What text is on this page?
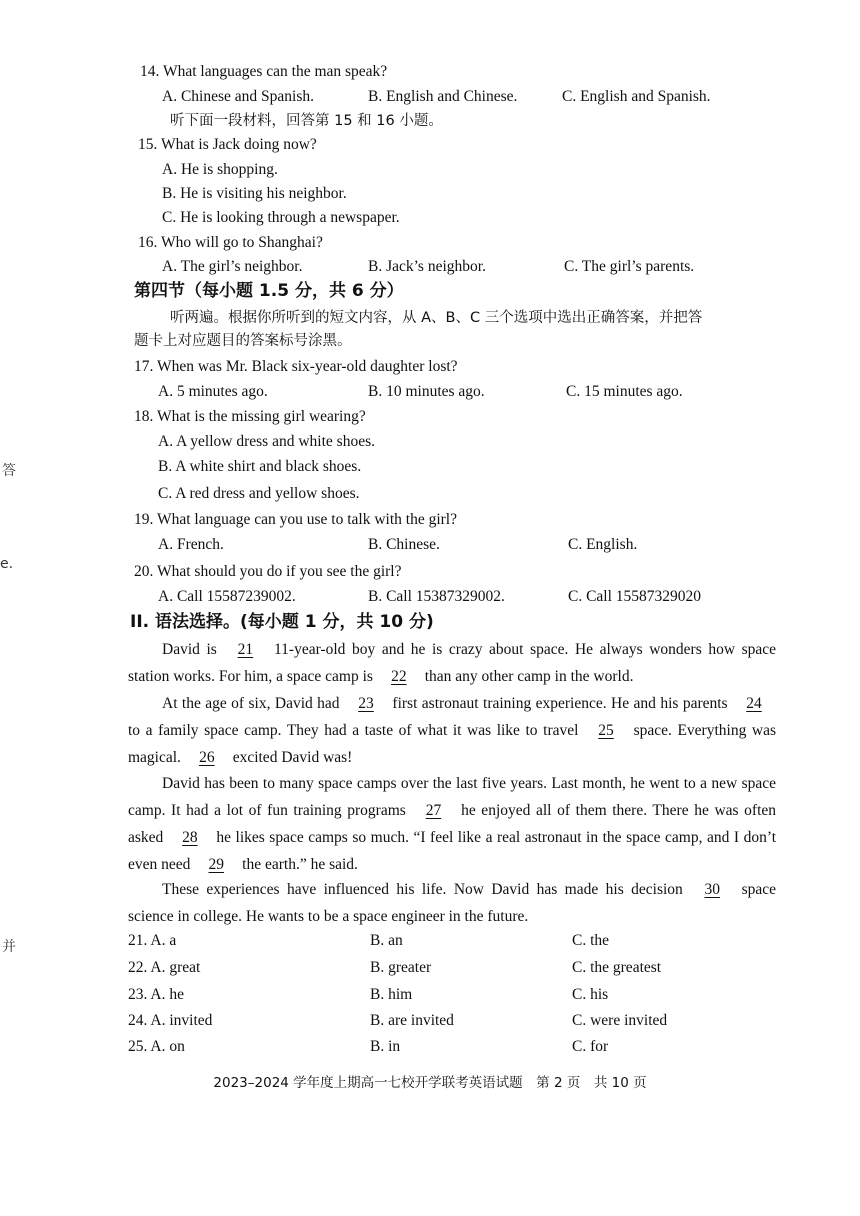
答
e.
并
14. What languages can the man speak?
A. Chinese and Spanish.	B. English and Chinese.	C. English and Spanish.
听下面一段材料，回答第 15 和 16 小题。
15. What is Jack doing now?
A. He is shopping.
B. He is visiting his neighbor.
C. He is looking through a newspaper.
16. Who will go to Shanghai?
A. The girl’s neighbor.	B. Jack’s neighbor.	C. The girl’s parents.
第四节（每小题 1.5 分，共 6 分）
听两遍。根据你所听到的短文内容，从 A、B、C 三个选项中选出正确答案，并把答
题卡上对应题目的答案标号涂黑。
17. When was Mr. Black six-year-old daughter lost?
A. 5 minutes ago.	B. 10 minutes ago.	C. 15 minutes ago.
18. What is the missing girl wearing?
A. A yellow dress and white shoes.
B. A white shirt and black shoes.
C. A red dress and yellow shoes.
19. What language can you use to talk with the girl?
A. French.	B. Chinese.	C. English.
20. What should you do if you see the girl?
A. Call 15587239002.	B. Call 15387329002.	C. Call 15587329020
II. 语法选择。(每小题 1 分，共 10 分)
David is 21 11-year-old boy and he is crazy about space. He always wonders how space station works. For him, a space camp is 22 than any other camp in the world.
At the age of six, David had 23 first astronaut training experience. He and his parents 24 to a family space camp. They had a taste of what it was like to travel 25 space. Everything was magical. 26 excited David was!
David has been to many space camps over the last five years. Last month, he went to a new space camp. It had a lot of fun training programs 27 he enjoyed all of them there. There he was often asked 28 he likes space camps so much. “I feel like a real astronaut in the space camp, and I don’t even need 29 the earth.” he said.
These experiences have influenced his life. Now David has made his decision 30 space science in college. He wants to be a space engineer in the future.
21. A. a	B. an	C. the
22. A. great	B. greater	C. the greatest
23. A. he	B. him	C. his
24. A. invited	B. are invited	C. were invited
25. A. on	B. in	C. for
2023–2024 学年度上期高一七校开学联考英语试题　第 2 页　共 10 页
